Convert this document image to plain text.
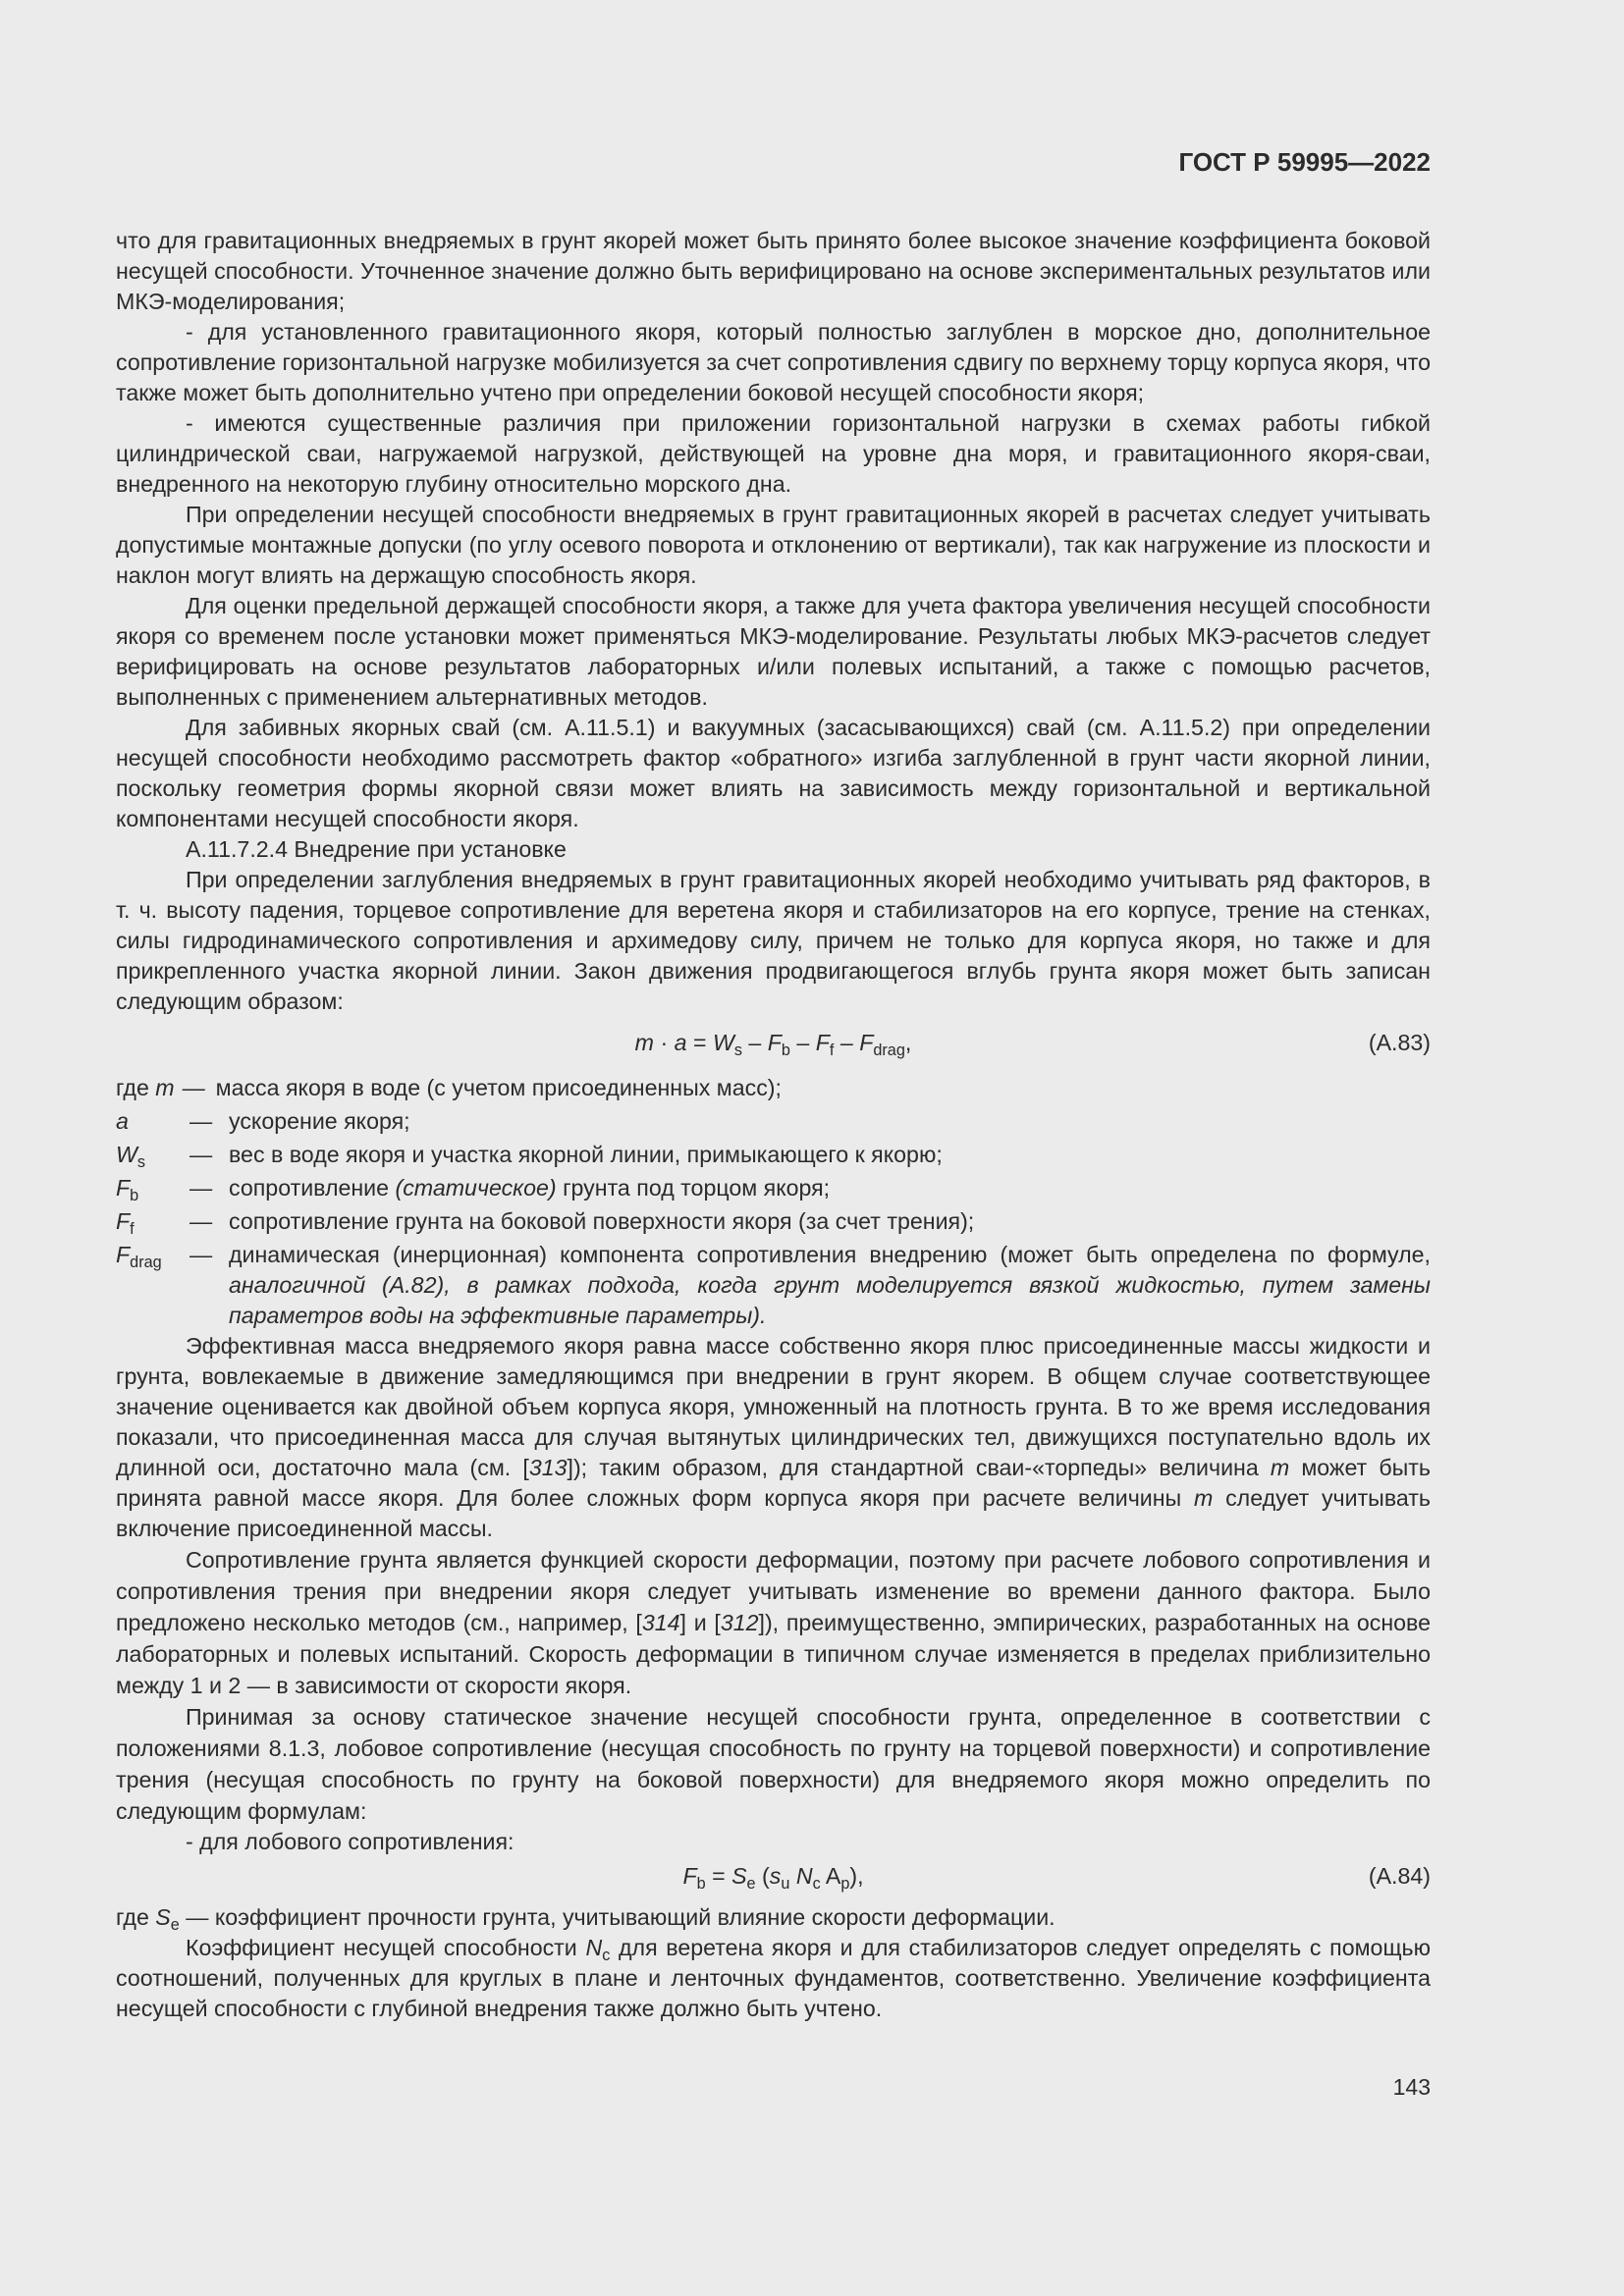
ГОСТ Р 59995—2022

что для гравитационных внедряемых в грунт якорей может быть принято более высокое значение коэффициента боковой несущей способности. Уточненное значение должно быть верифицировано на основе экспериментальных результатов или МКЭ-моделирования;

- для установленного гравитационного якоря, который полностью заглублен в морское дно, дополнительное сопротивление горизонтальной нагрузке мобилизуется за счет сопротивления сдвигу по верхнему торцу корпуса якоря, что также может быть дополнительно учтено при определении боковой несущей способности якоря;

- имеются существенные различия при приложении горизонтальной нагрузки в схемах работы гибкой цилиндрической сваи, нагружаемой нагрузкой, действующей на уровне дна моря, и гравитационного якоря-сваи, внедренного на некоторую глубину относительно морского дна.

При определении несущей способности внедряемых в грунт гравитационных якорей в расчетах следует учитывать допустимые монтажные допуски (по углу осевого поворота и отклонению от вертикали), так как нагружение из плоскости и наклон могут влиять на держащую способность якоря.

Для оценки предельной держащей способности якоря, а также для учета фактора увеличения несущей способности якоря со временем после установки может применяться МКЭ-моделирование. Результаты любых МКЭ-расчетов следует верифицировать на основе результатов лабораторных и/или полевых испытаний, а также с помощью расчетов, выполненных с применением альтернативных методов.

Для забивных якорных свай (см. А.11.5.1) и вакуумных (засасывающихся) свай (см. А.11.5.2) при определении несущей способности необходимо рассмотреть фактор «обратного» изгиба заглубленной в грунт части якорной линии, поскольку геометрия формы якорной связи может влиять на зависимость между горизонтальной и вертикальной компонентами несущей способности якоря.

А.11.7.2.4 Внедрение при установке

При определении заглубления внедряемых в грунт гравитационных якорей необходимо учитывать ряд факторов, в т. ч. высоту падения, торцевое сопротивление для веретена якоря и стабилизаторов на его корпусе, трение на стенках, силы гидродинамического сопротивления и архимедову силу, причем не только для корпуса якоря, но также и для прикрепленного участка якорной линии. Закон движения продвигающегося вглубь грунта якоря может быть записан следующим образом:

$m \cdot a = W_s - F_b - F_f - F_{drag}$,	(А.83)
где m — масса якоря в воде (с учетом присоединенных масс);
a	— ускорение якоря;
$W_s$	— вес в воде якоря и участка якорной линии, примыкающего к якорю;
$F_b$	— сопротивление (статическое) грунта под торцом якоря;
$F_f$	— сопротивление грунта на боковой поверхности якоря (за счет трения);
$F_{drag}$	— динамическая (инерционная) компонента сопротивления внедрению (может быть определена по формуле, аналогичной (А.82), в рамках подхода, когда грунт моделируется вязкой жидкостью, путем замены параметров воды на эффективные параметры).

Эффективная масса внедряемого якоря равна массе собственно якоря плюс присоединенные массы жидкости и грунта, вовлекаемые в движение замедляющимся при внедрении в грунт якорем. В общем случае соответствующее значение оценивается как двойной объем корпуса якоря, умноженный на плотность грунта. В то же время исследования показали, что присоединенная масса для случая вытянутых цилиндрических тел, движущихся поступательно вдоль их длинной оси, достаточно мала (см. [313]); таким образом, для стандартной сваи-«торпеды» величина m может быть принята равной массе якоря. Для более сложных форм корпуса якоря при расчете величины m следует учитывать включение присоединенной массы.

Сопротивление грунта является функцией скорости деформации, поэтому при расчете лобового сопротивления и сопротивления трения при внедрении якоря следует учитывать изменение во времени данного фактора. Было предложено несколько методов (см., например, [314] и [312]), преимущественно, эмпирических, разработанных на основе лабораторных и полевых испытаний. Скорость деформации в типичном случае изменяется в пределах приблизительно между 1 и 2 — в зависимости от скорости якоря.

Принимая за основу статическое значение несущей способности грунта, определенное в соответствии с положениями 8.1.3, лобовое сопротивление (несущая способность по грунту на торцевой поверхности) и сопротивление трения (несущая способность по грунту на боковой поверхности) для внедряемого якоря можно определить по следующим формулам:

- для лобового сопротивления:

$F_b = S_e$ ($s_u$ $N_c$ $A_p$),	(А.84)

где $S_e$ — коэффициент прочности грунта, учитывающий влияние скорости деформации.

Коэффициент несущей способности $N_c$ для веретена якоря и для стабилизаторов следует определять с помощью соотношений, полученных для круглых в плане и ленточных фундаментов, соответственно. Увеличение коэффициента несущей способности с глубиной внедрения также должно быть учтено.

143
